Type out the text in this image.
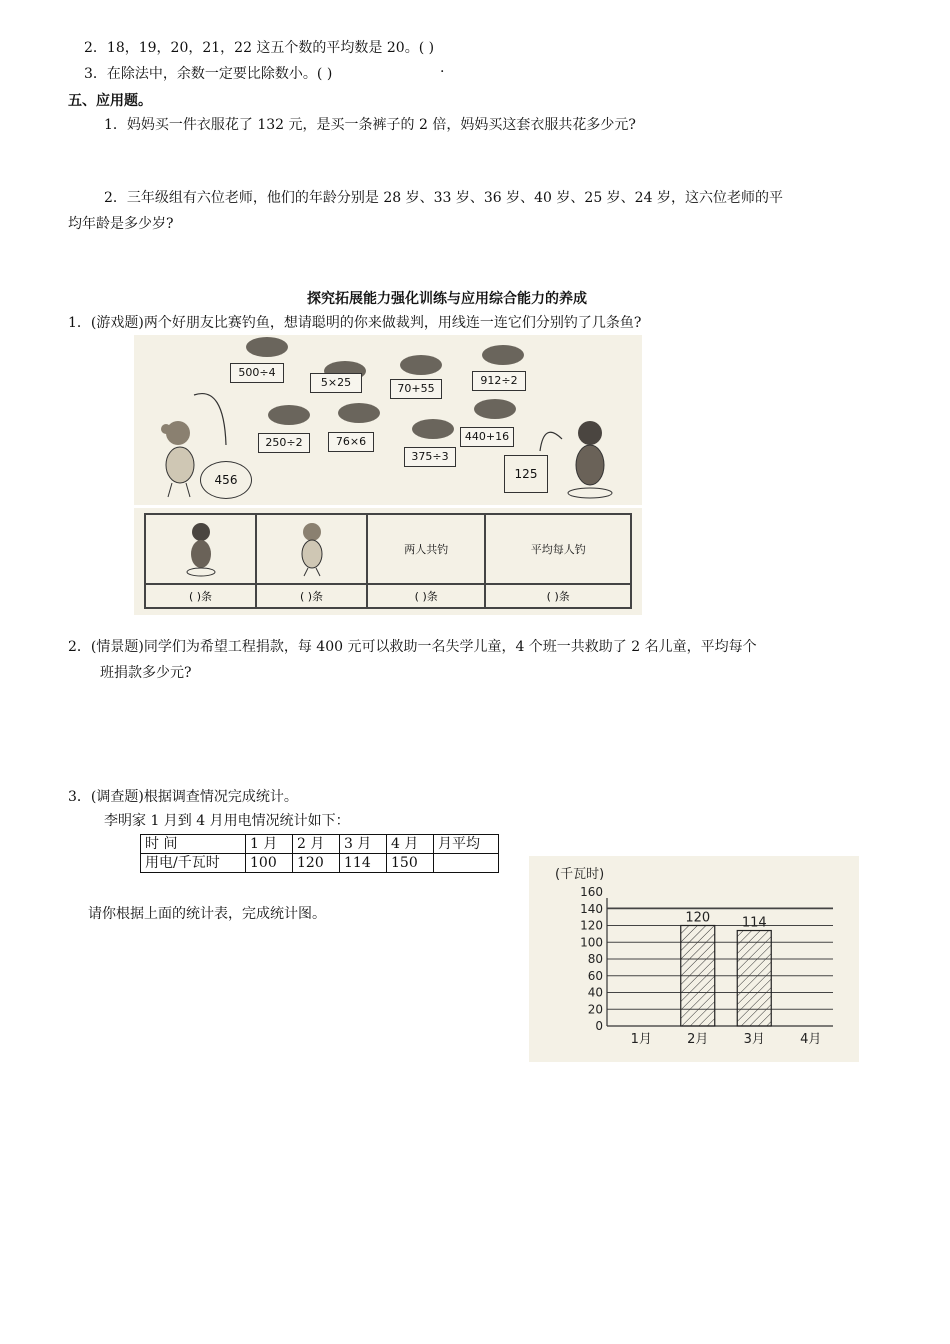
2．18，19，20，21，22 这五个数的平均数是 20。( )
3．在除法中，余数一定要比除数小。( )	·
五、应用题。
1．妈妈买一件衣服花了 132 元，是买一条裤子的 2 倍，妈妈买这套衣服共花多少元?
2．三年级组有六位老师，他们的年龄分别是 28 岁、33 岁、36 岁、40 岁、25 岁、24 岁，这六位老师的平
均年龄是多少岁?
探究拓展能力强化训练与应用综合能力的养成
1．(游戏题)两个好朋友比赛钓鱼，想请聪明的你来做裁判，用线连一连它们分别钓了几条鱼?
500÷4
5×25	70+55
912÷2
250÷2	76×6	440+16
375÷3
456	125
		两人共钓	平均每人钓
( )条	( )条	( )条	( )条
2．(情景题)同学们为希望工程捐款，每 400 元可以救助一名失学儿童，4 个班一共救助了 2 名儿童，平均每个
班捐款多少元?
3．(调查题)根据调查情况完成统计。
李明家 1 月到 4 月用电情况统计如下：
时 间	1 月	2 月	3 月	4 月	月平均
用电/千瓦时	100	120	114	150	
请你根据上面的统计表，完成统计图。
(千瓦时)
0
20
40
60
80
100
120
140
160
1月	2月
120
3月
114
4月
